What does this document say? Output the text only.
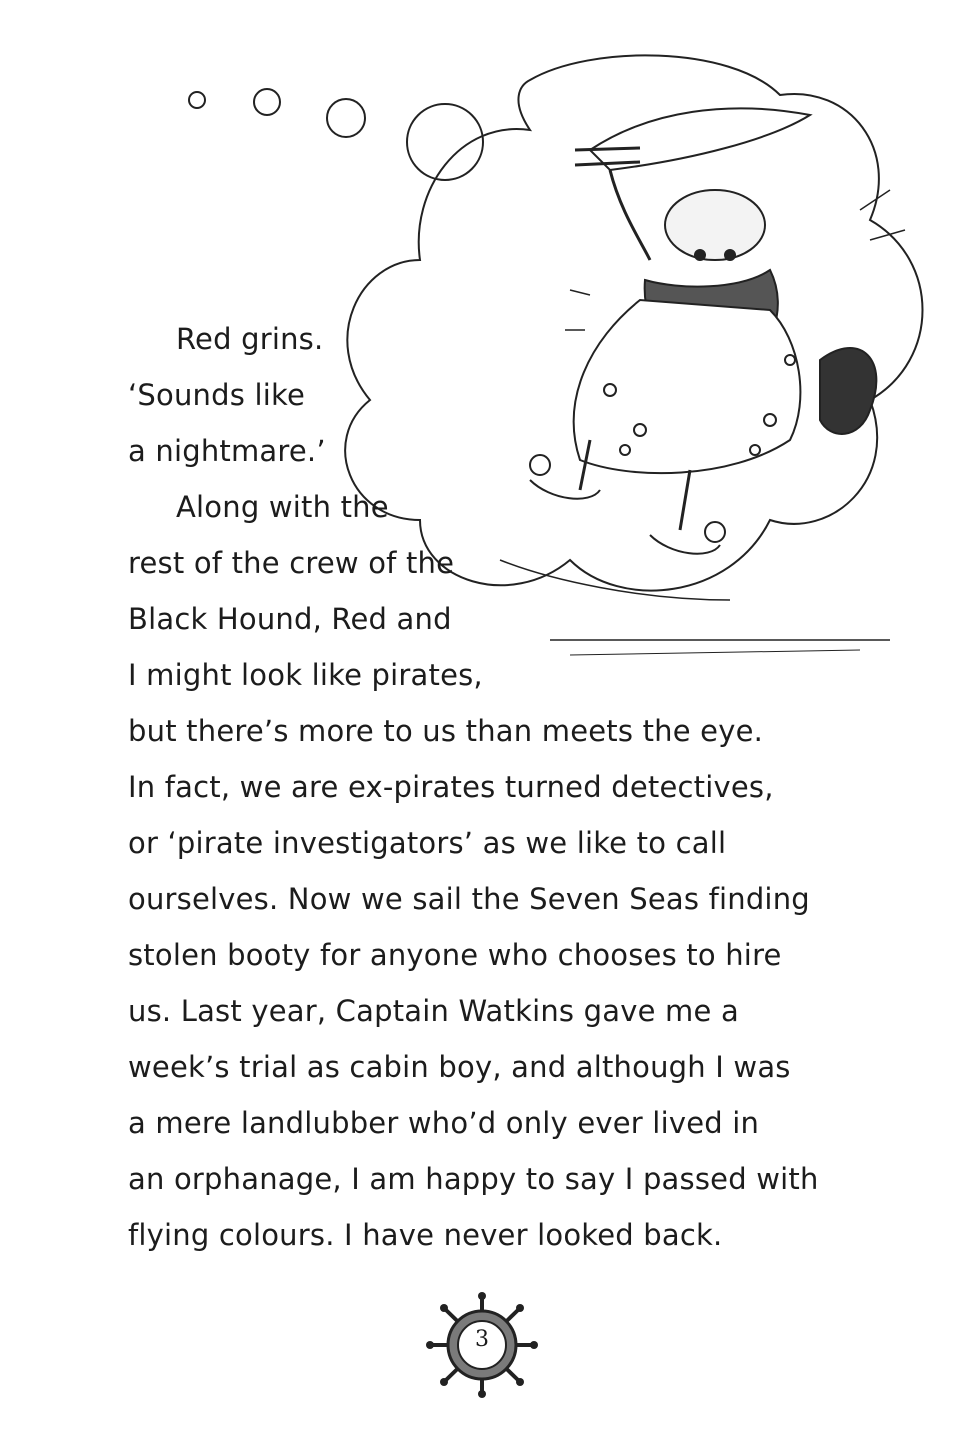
Red grins.
‘Sounds like
a nightmare.’
Along with the
rest of the crew of the
Black Hound, Red and
I might look like pirates,
but there’s more to us than meets the eye.
In fact, we are ex-pirates turned detectives,
or ‘pirate investigators’ as we like to call
ourselves. Now we sail the Seven Seas finding
stolen booty for anyone who chooses to hire
us. Last year, Captain Watkins gave me a
week’s trial as cabin boy, and although I was
a mere landlubber who’d only ever lived in
an orphanage, I am happy to say I passed with
flying colours. I have never looked back.
3
